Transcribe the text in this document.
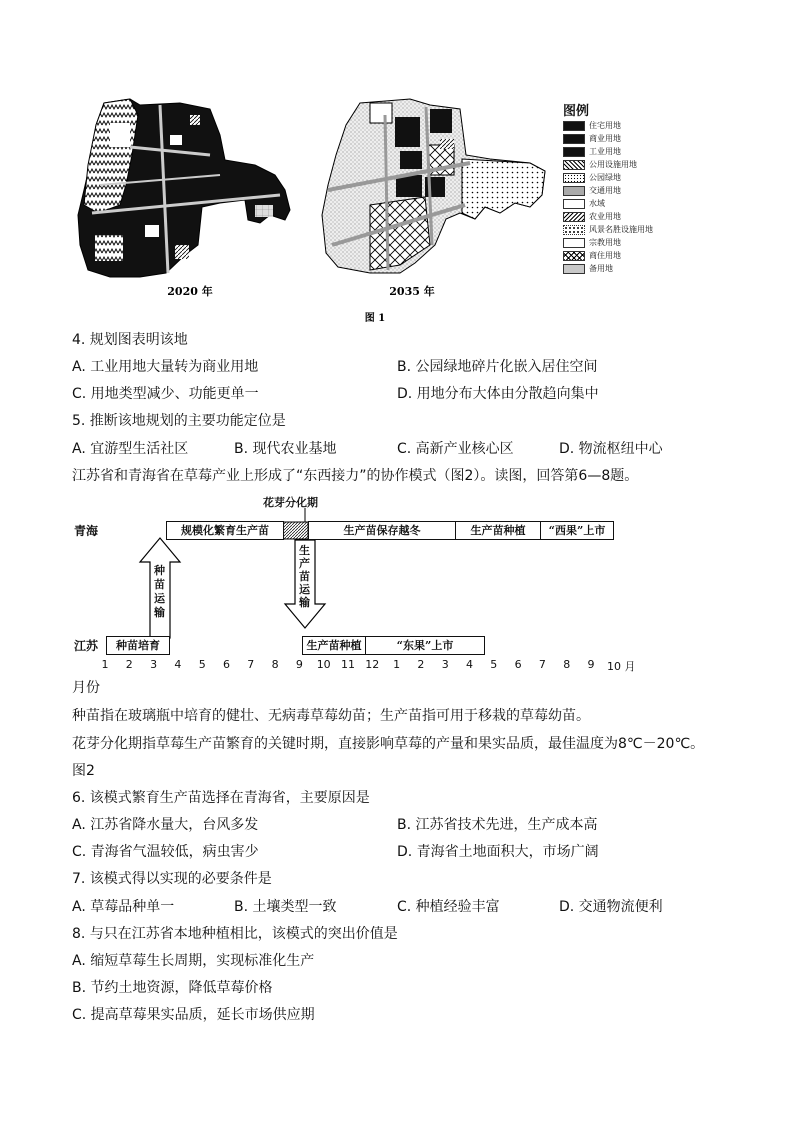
2020 年	2035 年
图 1
图例
住宅用地
商业用地
工业用地
公用设施用地
公园绿地
交通用地
水域
农业用地
风景名胜设施用地
宗教用地
商住用地
备用地
4. 规划图表明该地
A. 工业用地大量转为商业用地	B. 公园绿地碎片化嵌入居住空间
C. 用地类型减少、功能更单一	D. 用地分布大体由分散趋向集中
5. 推断该地规划的主要功能定位是
A. 宜游型生活社区	B. 现代农业基地	C. 高新产业核心区	D. 物流枢纽中心
江苏省和青海省在草莓产业上形成了“东西接力”的协作模式（图2）。读图，回答第6—8题。
花芽分化期
青海	规模化繁育生产苗	生产苗保存越冬	生产苗种植	“西果”上市
种苗运输
生产苗运输
江苏	种苗培育	生产苗种植	“东果”上市
1	2	3	4	5	6	7	8	9	10 11 12	1	2	3	4	5	6	7	8	9	10 月
月份
种苗指在玻璃瓶中培育的健壮、无病毒草莓幼苗；生产苗指可用于移栽的草莓幼苗。
花芽分化期指草莓生产苗繁育的关键时期，直接影响草莓的产量和果实品质，最佳温度为8℃－20℃。
图2
6. 该模式繁育生产苗选择在青海省，主要原因是
A. 江苏省降水量大，台风多发	B. 江苏省技术先进，生产成本高
C. 青海省气温较低，病虫害少	D. 青海省土地面积大，市场广阔
7. 该模式得以实现的必要条件是
A. 草莓品种单一	B. 土壤类型一致	C. 种植经验丰富	D. 交通物流便利
8. 与只在江苏省本地种植相比，该模式的突出价值是
A. 缩短草莓生长周期，实现标准化生产
B. 节约土地资源，降低草莓价格
C. 提高草莓果实品质，延长市场供应期
